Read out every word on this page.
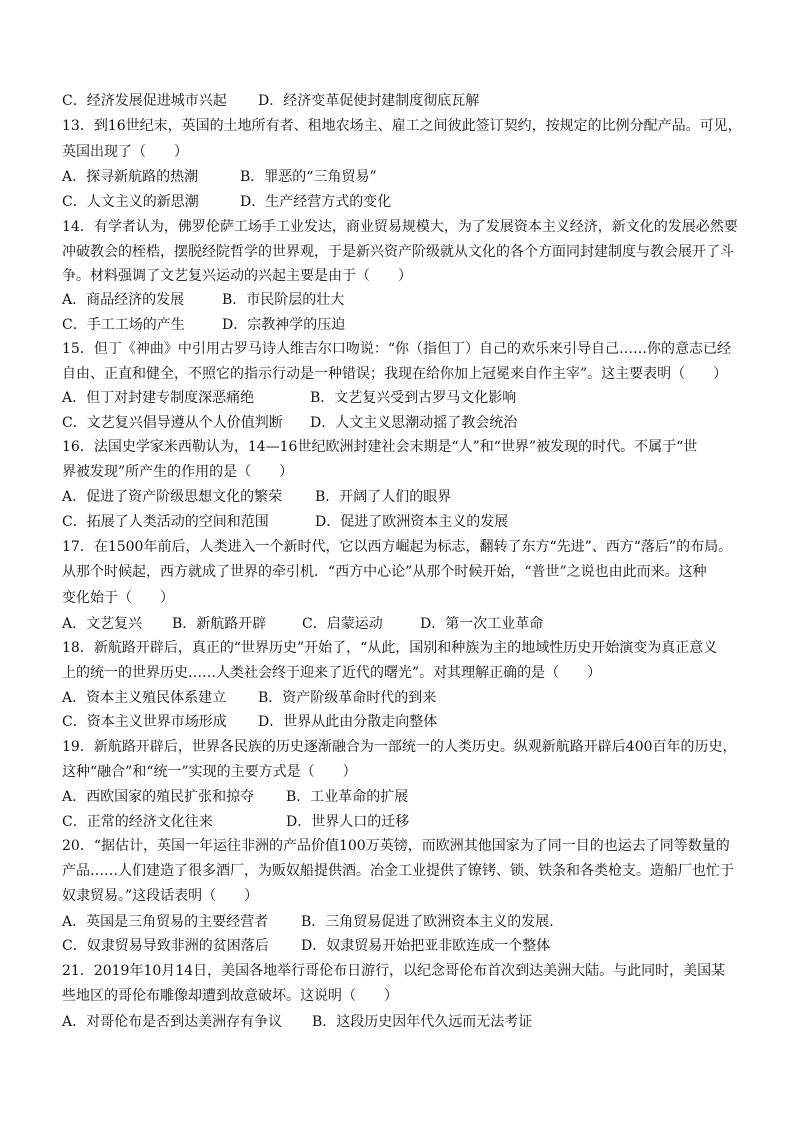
C．经济发展促进城市兴起 D．经济变革促使封建制度彻底瓦解
13．到16世纪末，英国的土地所有者、租地农场主、雇工之间彼此签订契约，按规定的比例分配产品。可见，
英国出现了（　　）
A．探寻新航路的热潮	B．罪恶的“三角贸易”
C．人文主义的新思潮	D．生产经营方式的变化
14．有学者认为，佛罗伦萨工场手工业发达，商业贸易规模大，为了发展资本主义经济，新文化的发展必然要
冲破教会的桎梏，摆脱经院哲学的世界观，于是新兴资产阶级就从文化的各个方面同封建制度与教会展开了斗
争。材料强调了文艺复兴运动的兴起主要是由于（　　）
A．商品经济的发展	B．市民阶层的壮大
C．手工工场的产生	D．宗教神学的压迫
15．但丁《神曲》中引用古罗马诗人维吉尔口吻说：“你（指但丁）自己的欢乐来引导自己……你的意志已经
自由、正直和健全，不照它的指示行动是一种错误；我现在给你加上冠冕来自作主宰”。这主要表明（　　）
A．但丁对封建专制度深恶痛绝	B．文艺复兴受到古罗马文化影响
C．文艺复兴倡导遵从个人价值判断 D．人文主义思潮动摇了教会统治
16．法国史学家米西勒认为，14—16世纪欧洲封建社会末期是“人”和“世界”被发现的时代。不属于“世
界被发现”所产生的作用的是（　　）
A．促进了资产阶级思想文化的繁荣 B．开阔了人们的眼界
C．拓展了人类活动的空间和范围	D．促进了欧洲资本主义的发展
17．在1500年前后，人类进入一个新时代，它以西方崛起为标志，翻转了东方“先进”、西方“落后”的布局。
从那个时候起，西方就成了世界的牵引机．“西方中心论”从那个时候开始，“普世”之说也由此而来。这种
变化始于（　　）
A．文艺复兴 B．新航路开辟	C．启蒙运动	D．第一次工业革命
18．新航路开辟后，真正的“世界历史”开始了，“从此，国别和种族为主的地域性历史开始演变为真正意义
上的统一的世界历史……人类社会终于迎来了近代的曙光”。对其理解正确的是（　　）
A．资本主义殖民体系建立 B．资产阶级革命时代的到来
C．资本主义世界市场形成 D．世界从此由分散走向整体
19．新航路开辟后，世界各民族的历史逐渐融合为一部统一的人类历史。纵观新航路开辟后400百年的历史，
这种“融合”和“统一”实现的主要方式是（　　）
A．西欧国家的殖民扩张和掠夺 B．工业革命的扩展
C．正常的经济文化往来	D．世界人口的迁移
20．“据估计，英国一年运往非洲的产品价值100万英镑，而欧洲其他国家为了同一目的也运去了同等数量的
产品……人们建造了很多酒厂，为贩奴船提供酒。冶金工业提供了镣铐、锁、铁条和各类枪支。造船厂也忙于
奴隶贸易。”这段话表明（　　）
A．英国是三角贸易的主要经营者 B．三角贸易促进了欧洲资本主义的发展.
C．奴隶贸易导致非洲的贫困落后 D．奴隶贸易开始把亚非欧连成一个整体
21．2019年10月14日，美国各地举行哥伦布日游行，以纪念哥伦布首次到达美洲大陆。与此同时，美国某
些地区的哥伦布雕像却遭到故意破坏。这说明（　　）
A．对哥伦布是否到达美洲存有争议 B．这段历史因年代久远而无法考证
